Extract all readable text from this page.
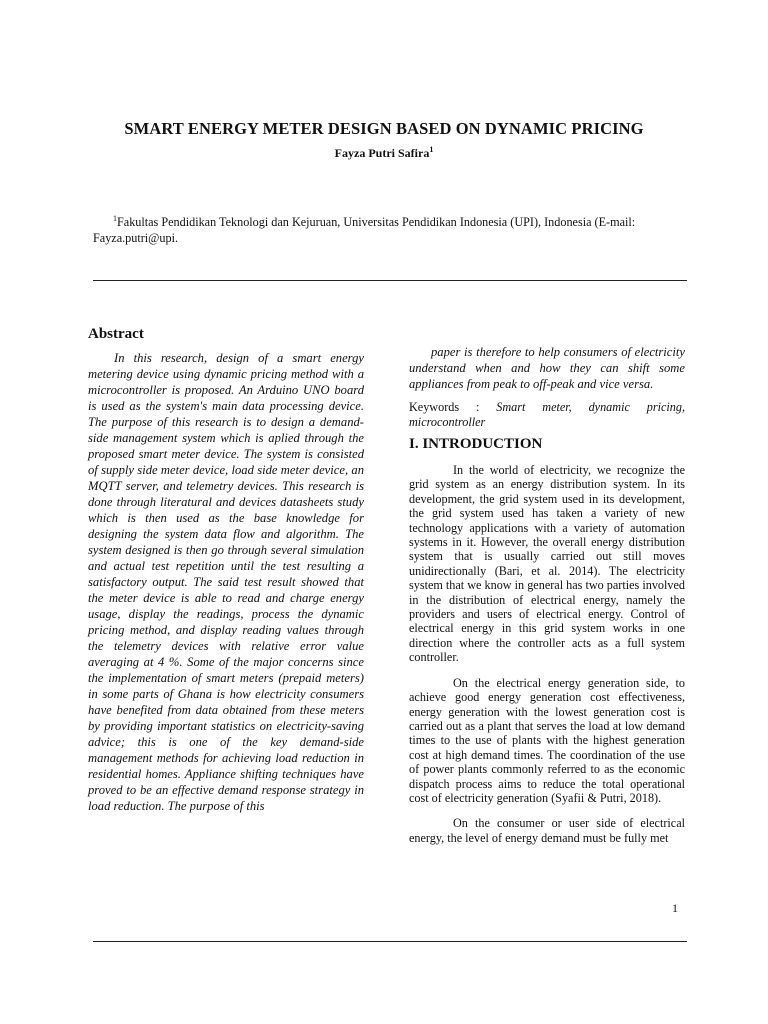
SMART ENERGY METER DESIGN BASED ON DYNAMIC PRICING
Fayza Putri Safira$^1$
$^1$Fakultas Pendidikan Teknologi dan Kejuruan, Universitas Pendidikan Indonesia (UPI), Indonesia (E-mail: Fayza.putri@upi.
Abstract

In this research, design of a smart energy metering device using dynamic pricing method with a microcontroller is proposed. An Arduino UNO board is used as the system's main data processing device. The purpose of this research is to design a demand-side management system which is aplied through the proposed smart meter device. The system is consisted of supply side meter device, load side meter device, an MQTT server, and telemetry devices. This research is done through literatural and devices datasheets study which is then used as the base knowledge for designing the system data flow and algorithm. The system designed is then go through several simulation and actual test repetition until the test resulting a satisfactory output. The said test result showed that the meter device is able to read and charge energy usage, display the readings, process the dynamic pricing method, and display reading values through the telemetry devices with relative error value averaging at 4 %. Some of the major concerns since the implementation of smart meters (prepaid meters) in some parts of Ghana is how electricity consumers have benefited from data obtained from these meters by providing important statistics on electricity-saving advice; this is one of the key demand-side management methods for achieving load reduction in residential homes. Appliance shifting techniques have proved to be an effective demand response strategy in load reduction. The purpose of this

paper is therefore to help consumers of electricity understand when and how they can shift some appliances from peak to off-peak and vice versa.

Keywords : Smart meter, dynamic pricing, microcontroller

I. INTRODUCTION

In the world of electricity, we recognize the grid system as an energy distribution system. In its development, the grid system used in its development, the grid system used has taken a variety of new technology applications with a variety of automation systems in it. However, the overall energy distribution system that is usually carried out still moves unidirectionally (Bari, et al. 2014). The electricity system that we know in general has two parties involved in the distribution of electrical energy, namely the providers and users of electrical energy. Control of electrical energy in this grid system works in one direction where the controller acts as a full system controller.

On the electrical energy generation side, to achieve good energy generation cost effectiveness, energy generation with the lowest generation cost is carried out as a plant that serves the load at low demand times to the use of plants with the highest generation cost at high demand times. The coordination of the use of power plants commonly referred to as the economic dispatch process aims to reduce the total operational cost of electricity generation (Syafii & Putri, 2018).

On the consumer or user side of electrical energy, the level of energy demand must be fully met

1
